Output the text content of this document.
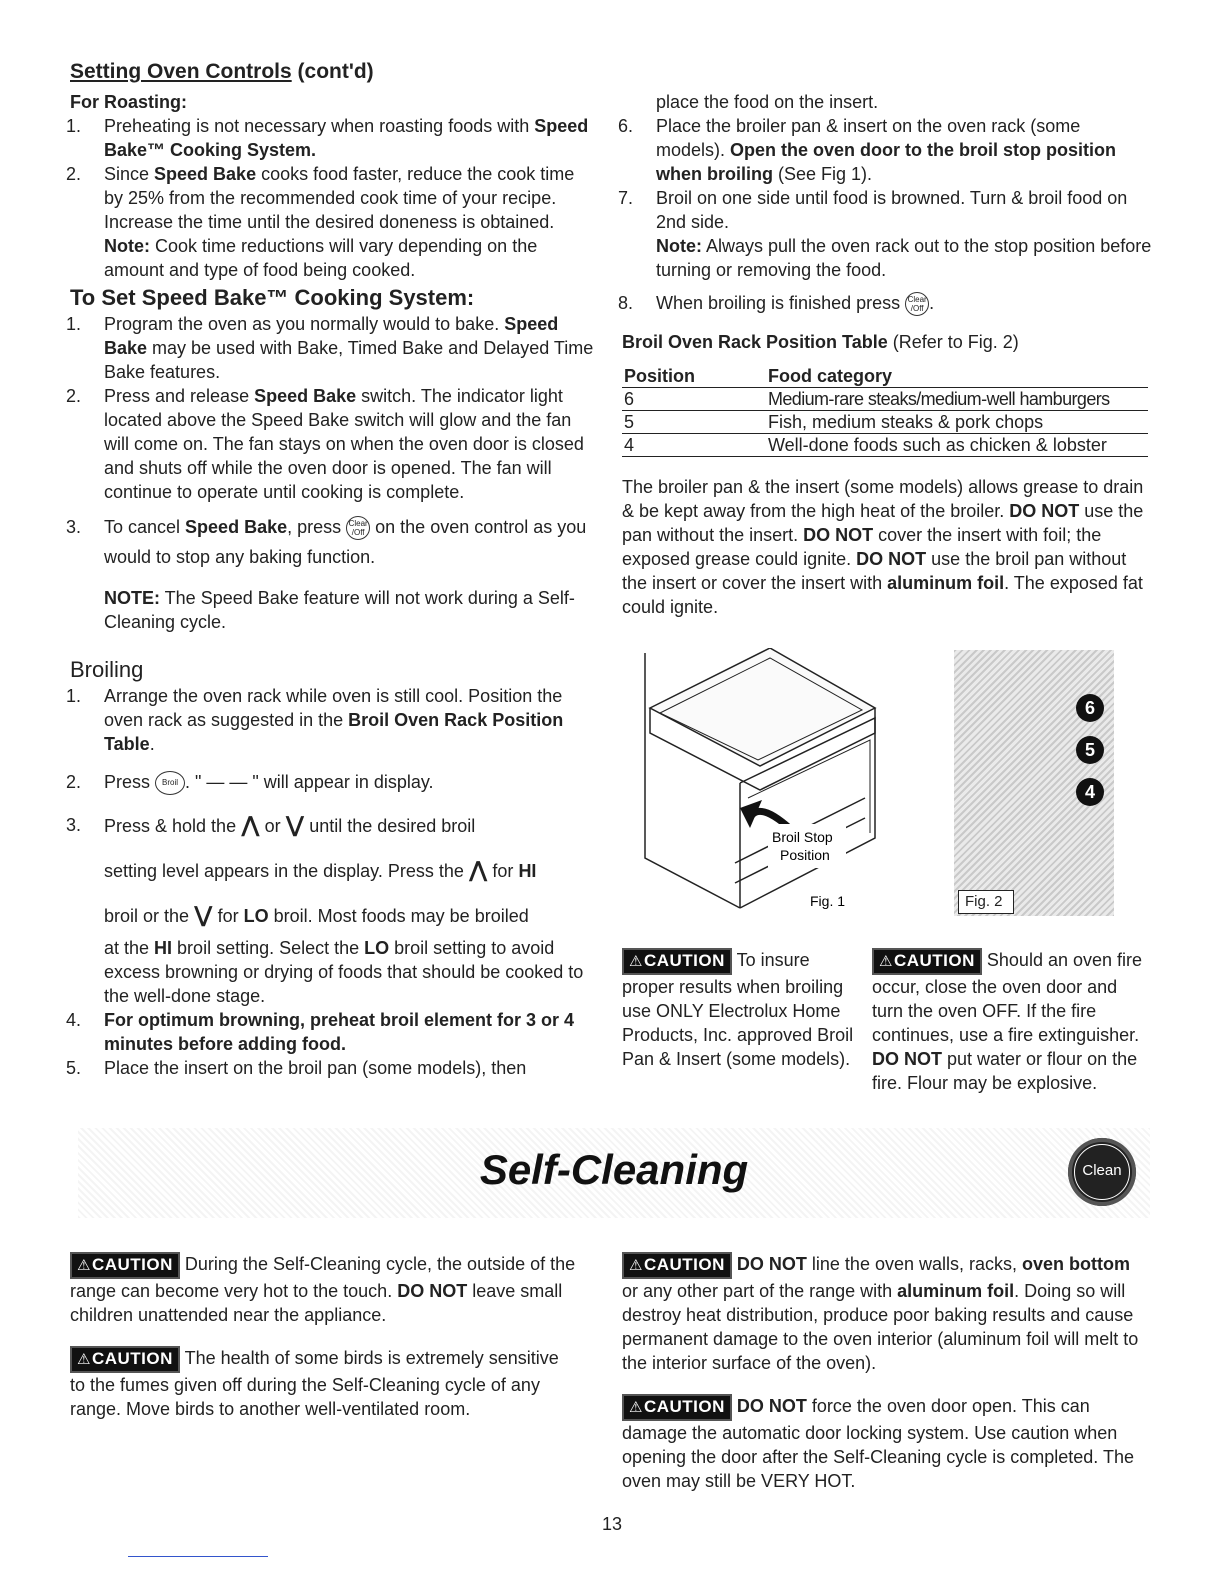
Setting Oven Controls (cont'd)

For Roasting:

1. Preheating is not necessary when roasting foods with Speed Bake™ Cooking System.
2. Since Speed Bake cooks food faster, reduce the cook time by 25% from the recommended cook time of your recipe. Increase the time until the desired doneness is obtained.
Note: Cook time reductions will vary depending on the amount and type of food being cooked.

To Set Speed Bake™ Cooking System:

1. Program the oven as you normally would to bake. Speed Bake may be used with Bake, Timed Bake and Delayed Time Bake features.
2. Press and release Speed Bake switch. The indicator light located above the Speed Bake switch will glow and the fan will come on. The fan stays on when the oven door is closed and shuts off while the oven door is opened. The fan will continue to operate until cooking is complete.
3. To cancel Speed Bake, press Clear
/Off on the oven control as you would to stop any baking function.

NOTE: The Speed Bake feature will not work during a Self-Cleaning cycle.

Broiling

1. Arrange the oven rack while oven is still cool. Position the oven rack as suggested in the Broil Oven Rack Position Table.
2. Press Broil . " — — " will appear in display.
3. Press & hold the ⋀ or ⋁ until the desired broil
setting level appears in the display. Press the ⋀ for HI
broil or the ⋁ for LO broil. Most foods may be broiled
at the HI broil setting. Select the LO broil setting to avoid excess browning or drying of foods that should be cooked to the well-done stage.
4. For optimum browning, preheat broil element for 3 or 4 minutes before adding food.
5. Place the insert on the broil pan (some models), then
place the food on the insert.
6. Place the broiler pan & insert on the oven rack (some models). Open the oven door to the broil stop position when broiling (See Fig 1).
7. Broil on one side until food is browned. Turn & broil food on 2nd side.
Note: Always pull the oven rack out to the stop position before turning or removing the food.
8. When broiling is finished press Clear
/Off .

Broil Oven Rack Position Table (Refer to Fig. 2)

Position	Food category
6	Medium-rare steaks/medium-well hamburgers
5	Fish, medium steaks & pork chops
4	Well-done foods such as chicken & lobster

The broiler pan & the insert (some models) allows grease to drain & be kept away from the high heat of the broiler. DO NOT use the pan without the insert. DO NOT cover the insert with foil; the exposed grease could ignite. DO NOT use the broil pan without the insert or cover the insert with aluminum foil. The exposed fat could ignite.

Broil Stop
Position
Fig. 1
6
5
4
Fig. 2

⚠CAUTION To insure proper results when broiling use ONLY Electrolux Home Products, Inc. approved Broil Pan & Insert (some models).

⚠CAUTION Should an oven fire occur, close the oven door and turn the oven OFF. If the fire continues, use a fire extinguisher. DO NOT put water or flour on the fire. Flour may be explosive.

Self-Cleaning	Clean

⚠CAUTION During the Self-Cleaning cycle, the outside of the range can become very hot to the touch. DO NOT leave small children unattended near the appliance.

⚠CAUTION The health of some birds is extremely sensitive to the fumes given off during the Self-Cleaning cycle of any range. Move birds to another well-ventilated room.

⚠CAUTION DO NOT line the oven walls, racks, oven bottom or any other part of the range with aluminum foil. Doing so will destroy heat distribution, produce poor baking results and cause permanent damage to the oven interior (aluminum foil will melt to the interior surface of the oven).

⚠CAUTION DO NOT force the oven door open. This can damage the automatic door locking system. Use caution when opening the door after the Self-Cleaning cycle is completed. The oven may still be VERY HOT.

13
